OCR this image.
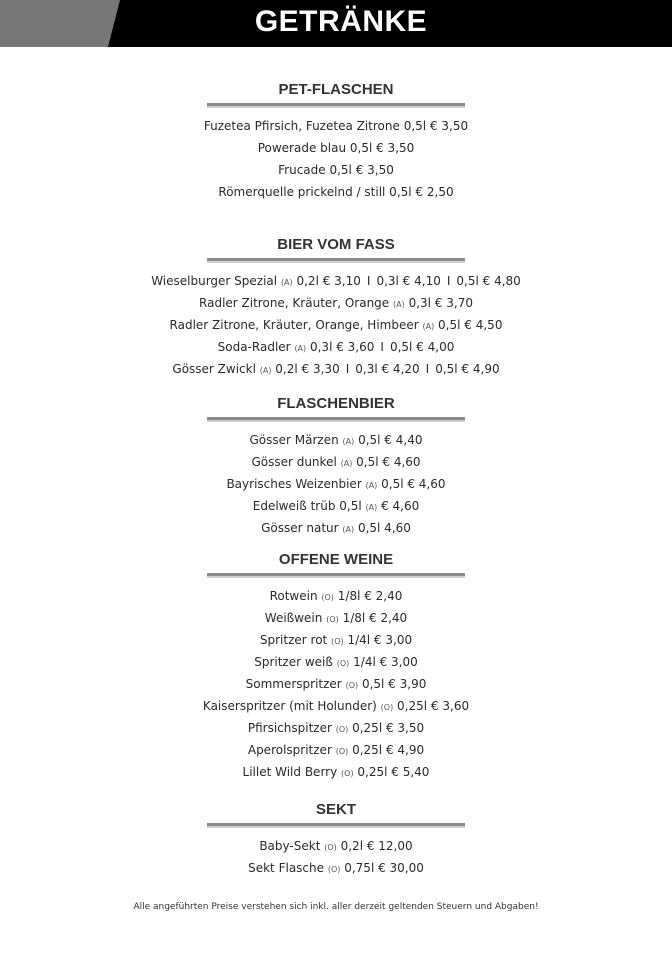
GETRÄNKE
PET-FLASCHEN
Fuzetea Pfirsich, Fuzetea Zitrone 0,5l € 3,50
Powerade blau 0,5l € 3,50
Frucade 0,5l € 3,50
Römerquelle prickelnd / still 0,5l € 2,50
BIER VOM FASS
Wieselburger Spezial (A) 0,2l € 3,10 I 0,3l € 4,10 I 0,5l € 4,80
Radler Zitrone, Kräuter, Orange (A) 0,3l € 3,70
Radler Zitrone, Kräuter, Orange, Himbeer (A) 0,5l € 4,50
Soda-Radler (A) 0,3l € 3,60 I 0,5l € 4,00
Gösser Zwickl (A) 0,2l € 3,30 I 0,3l € 4,20 I 0,5l € 4,90
FLASCHENBIER
Gösser Märzen (A) 0,5l € 4,40
Gösser dunkel (A) 0,5l € 4,60
Bayrisches Weizenbier (A) 0,5l € 4,60
Edelweiß trüb 0,5l (A) € 4,60
Gösser natur (A) 0,5l 4,60
OFFENE WEINE
Rotwein (O) 1/8l € 2,40
Weißwein (O) 1/8l € 2,40
Spritzer rot (O) 1/4l € 3,00
Spritzer weiß (O) 1/4l € 3,00
Sommerspritzer (O) 0,5l € 3,90
Kaiserspritzer (mit Holunder) (O) 0,25l € 3,60
Pfirsichspitzer (O) 0,25l € 3,50
Aperolspritzer (O) 0,25l € 4,90
Lillet Wild Berry (O) 0,25l € 5,40
SEKT
Baby-Sekt (O) 0,2l € 12,00
Sekt Flasche (O) 0,75l € 30,00
Alle angeführten Preise verstehen sich inkl. aller derzeit geltenden Steuern und Abgaben!
